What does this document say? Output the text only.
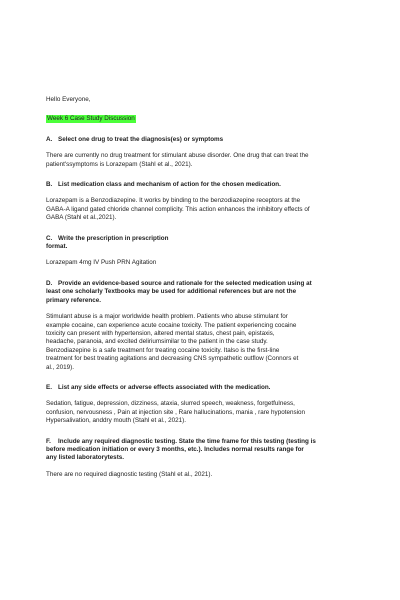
Hello Everyone,

Week 6 Case Study Discussion

A. Select one drug to treat the diagnosis(es) or symptoms

There are currently no drug treatment for stimulant abuse disorder. One drug that can treat the

patient'ssymptoms is Lorazepam (Stahl et al., 2021).

B. List medication class and mechanism of action for the chosen medication.

Lorazepam is a Benzodiazepine. It works by binding to the benzodiazepine receptors at the

GABA-A ligand gated chloride channel complicity. This action enhances the inhibitory effects of

GABA (Stahl et al.,2021).

C. Write the prescription in prescription

format.

Lorazepam 4mg IV Push PRN Agitation

D. Provide an evidence-based source and rationale for the selected medication using at

least one scholarly Textbooks may be used for additional references but are not the

primary reference.

Stimulant abuse is a major worldwide health problem. Patients who abuse stimulant for

example cocaine, can experience acute cocaine toxicity. The patient experiencing cocaine

toxicity can present with hypertension, altered mental status, chest pain, epistaxis,

headache, paranoia, and excited deliriumsimilar to the patient in the case study.

Benzodiazepine is a safe treatment for treating cocaine toxicity. Italso is the first-line

treatment for best treating agitations and decreasing CNS sympathetic outflow (Connors et

al., 2019).

E. List any side effects or adverse effects associated with the medication.

Sedation, fatigue, depression, dizziness, ataxia, slurred speech, weakness, forgetfulness,

confusion, nervousness , Pain at injection site , Rare hallucinations, mania , rare hypotension

Hypersalivation, anddry mouth (Stahl et al., 2021).

F. Include any required diagnostic testing. State the time frame for this testing (testing is

before medication initiation or every 3 months, etc.). Includes normal results range for

any listed laboratorytests.

There are no required diagnostic testing (Stahl et al., 2021).
